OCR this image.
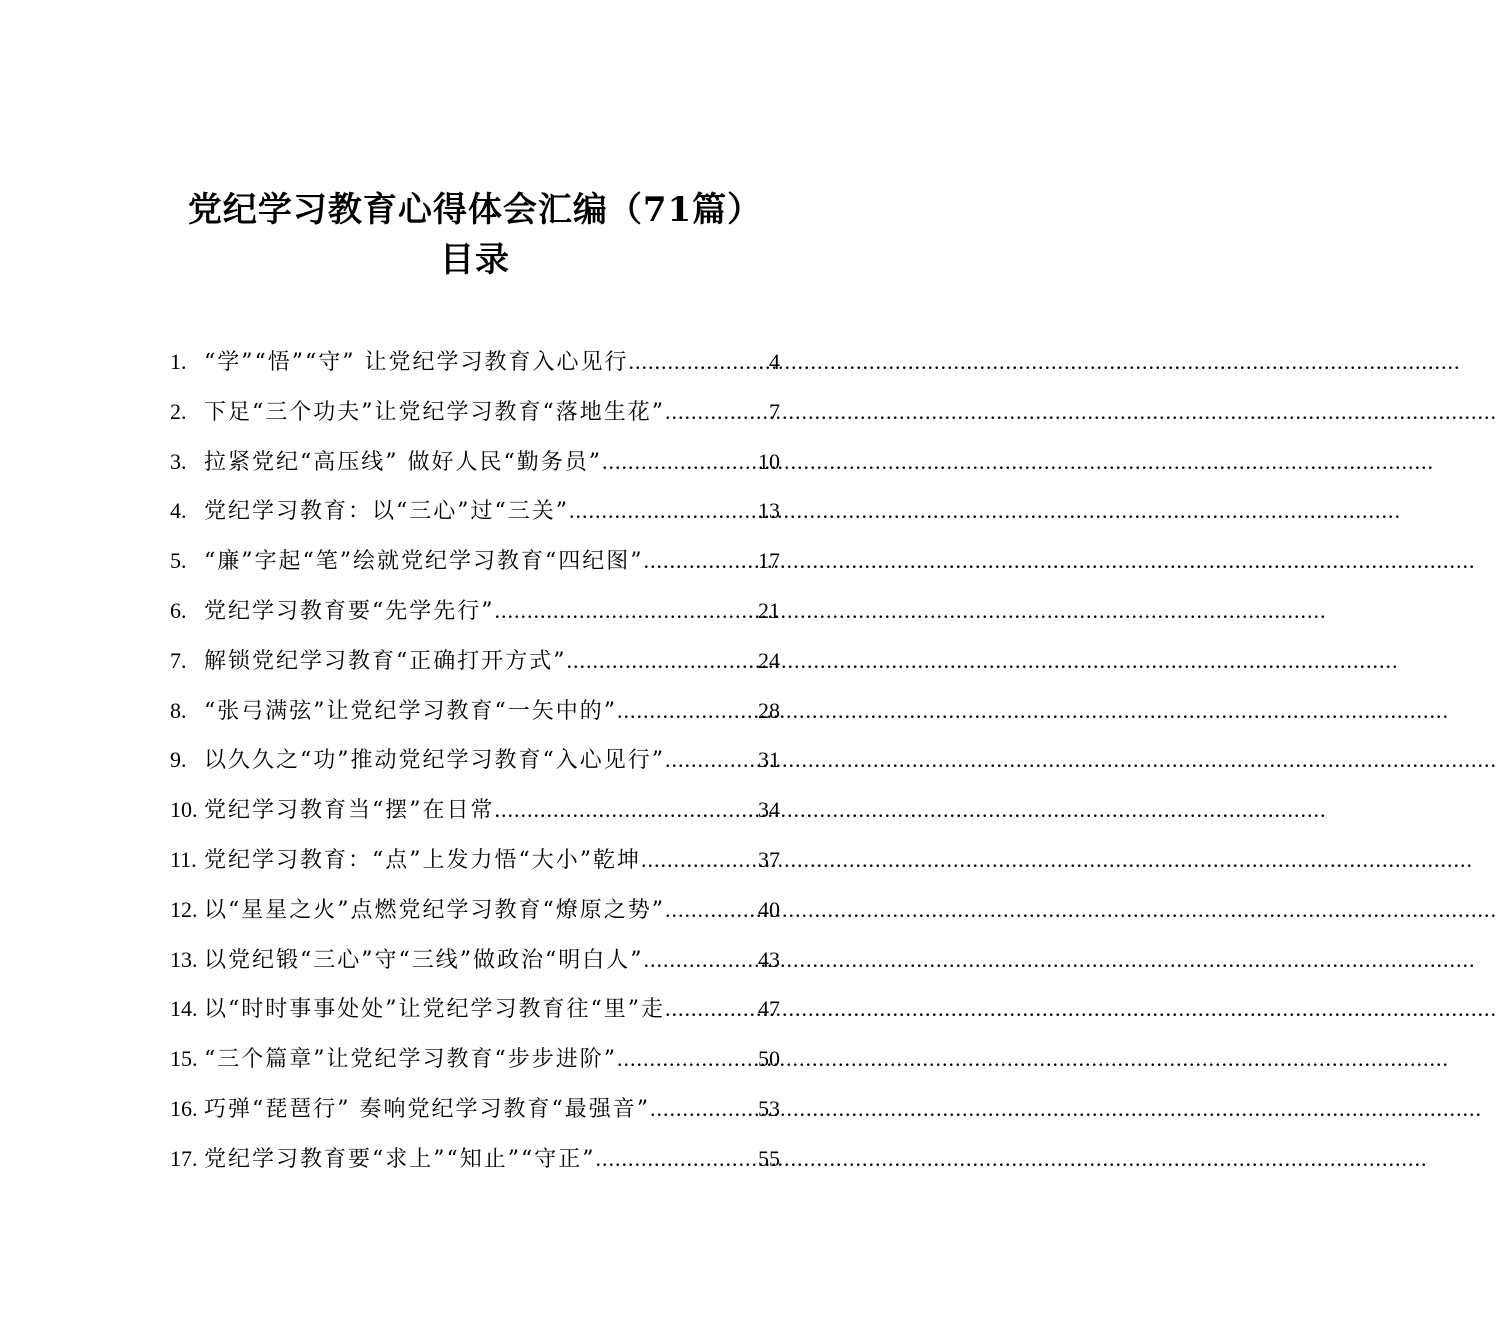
党纪学习教育心得体会汇编（71篇）
目录
1. “学”“悟”“守” 让党纪学习教育入心见行 .....	4
2. 下足“三个功夫”让党纪学习教育“落地生花” .....	7
3. 拉紧党纪“高压线” 做好人民“勤务员” .....	10
4. 党纪学习教育：以“三心”过“三关” .....	13
5. “廉”字起“笔”绘就党纪学习教育“四纪图” .....	17
6. 党纪学习教育要“先学先行” .....	21
7. 解锁党纪学习教育“正确打开方式” .....	24
8. “张弓满弦”让党纪学习教育“一矢中的” .....	28
9. 以久久之“功”推动党纪学习教育“入心见行” .....	31
10. 党纪学习教育当“摆”在日常 .....	34
11. 党纪学习教育：“点”上发力悟“大小”乾坤 .....	37
12. 以“星星之火”点燃党纪学习教育“燎原之势” .....	40
13. 以党纪锻“三心”守“三线”做政治“明白人” .....	43
14. 以“时时事事处处”让党纪学习教育往“里”走 .....	47
15. “三个篇章”让党纪学习教育“步步进阶” .....	50
16. 巧弹“琵琶行” 奏响党纪学习教育“最强音” .....	53
17. 党纪学习教育要“求上”“知止”“守正” .....	55
